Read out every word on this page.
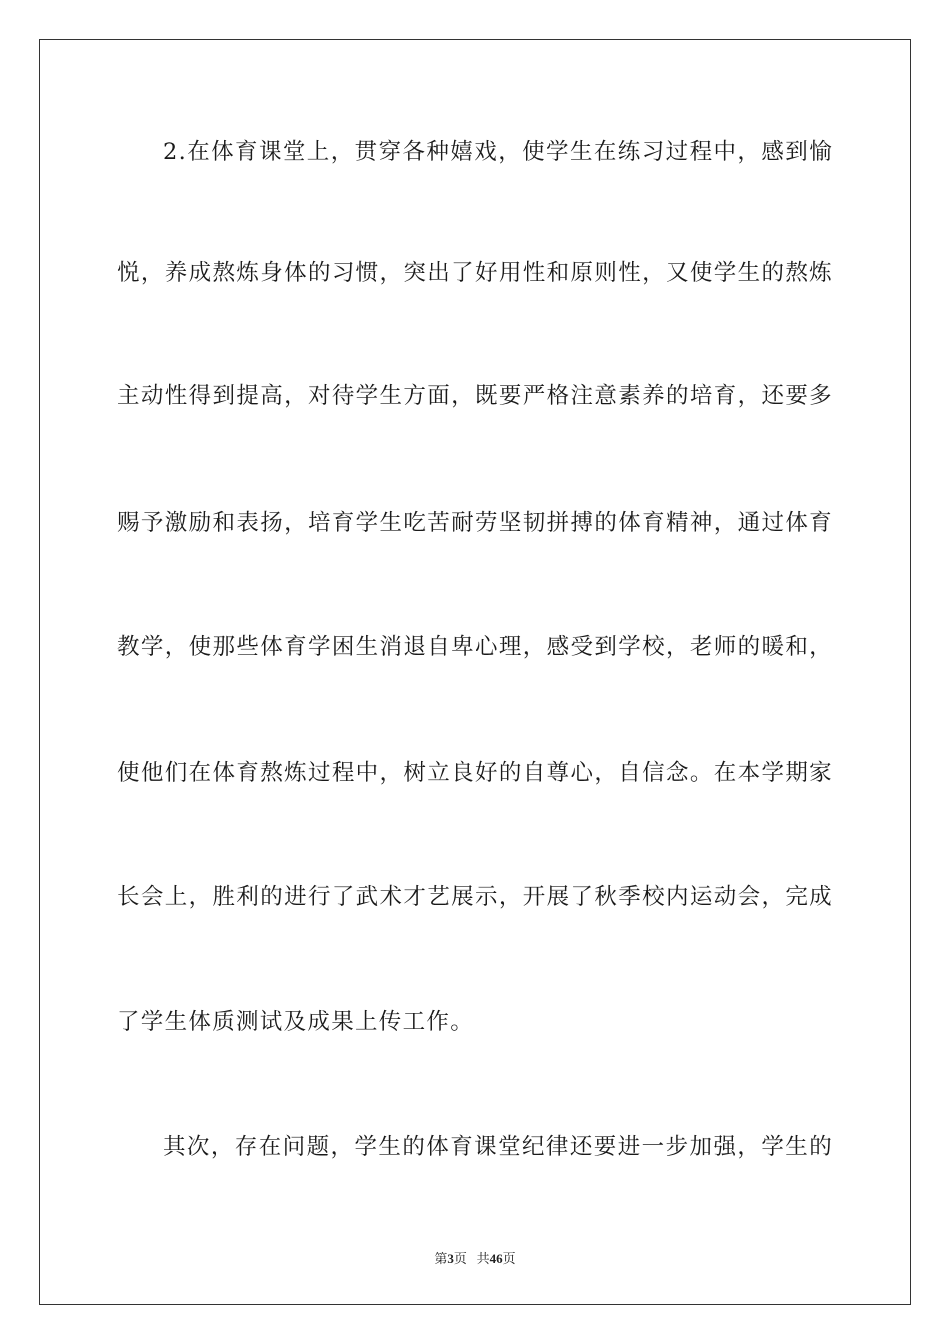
2.在体育课堂上，贯穿各种嬉戏，使学生在练习过程中，感到愉
悦，养成熬炼身体的习惯，突出了好用性和原则性，又使学生的熬炼
主动性得到提高，对待学生方面，既要严格注意素养的培育，还要多
赐予激励和表扬，培育学生吃苦耐劳坚韧拼搏的体育精神，通过体育
教学，使那些体育学困生消退自卑心理，感受到学校，老师的暖和，
使他们在体育熬炼过程中，树立良好的自尊心，自信念。在本学期家
长会上，胜利的进行了武术才艺展示，开展了秋季校内运动会，完成
了学生体质测试及成果上传工作。
其次，存在问题，学生的体育课堂纪律还要进一步加强，学生的
第3页 共46页
